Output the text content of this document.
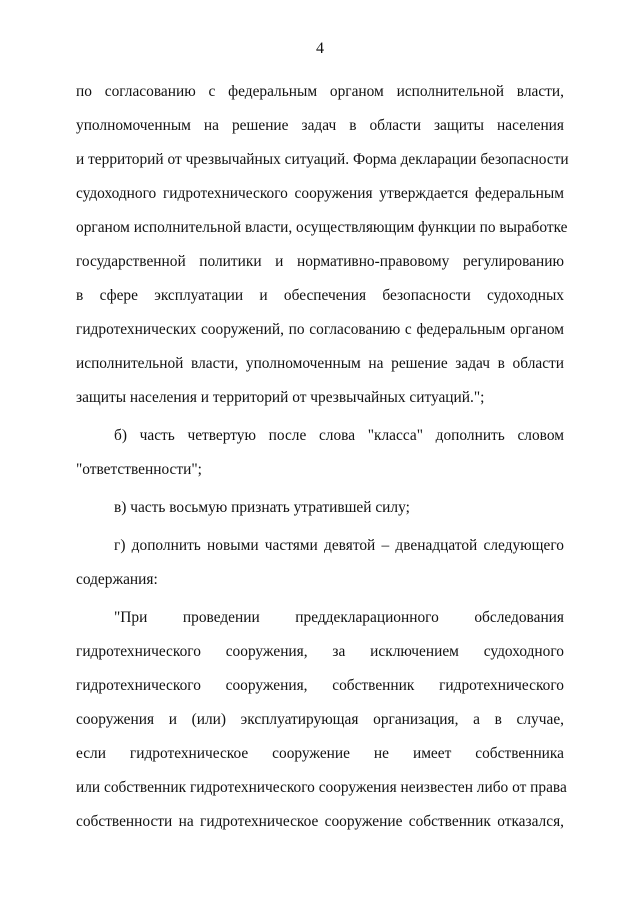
4
по согласованию с федеральным органом исполнительной власти,
уполномоченным на решение задач в области защиты населения
и территорий от чрезвычайных ситуаций. Форма декларации безопасности
судоходного гидротехнического сооружения утверждается федеральным
органом исполнительной власти, осуществляющим функции по выработке
государственной политики и нормативно-правовому регулированию
в сфере эксплуатации и обеспечения безопасности судоходных
гидротехнических сооружений, по согласованию с федеральным органом
исполнительной власти, уполномоченным на решение задач в области
защиты населения и территорий от чрезвычайных ситуаций.";
б) часть четвертую после слова "класса" дополнить словом
"ответственности";
в) часть восьмую признать утратившей силу;
г) дополнить новыми частями девятой – двенадцатой следующего
содержания:
"При проведении преддекларационного обследования
гидротехнического сооружения, за исключением судоходного
гидротехнического сооружения, собственник гидротехнического
сооружения и (или) эксплуатирующая организация, а в случае,
если гидротехническое сооружение не имеет собственника
или собственник гидротехнического сооружения неизвестен либо от права
собственности на гидротехническое сооружение собственник отказался,
